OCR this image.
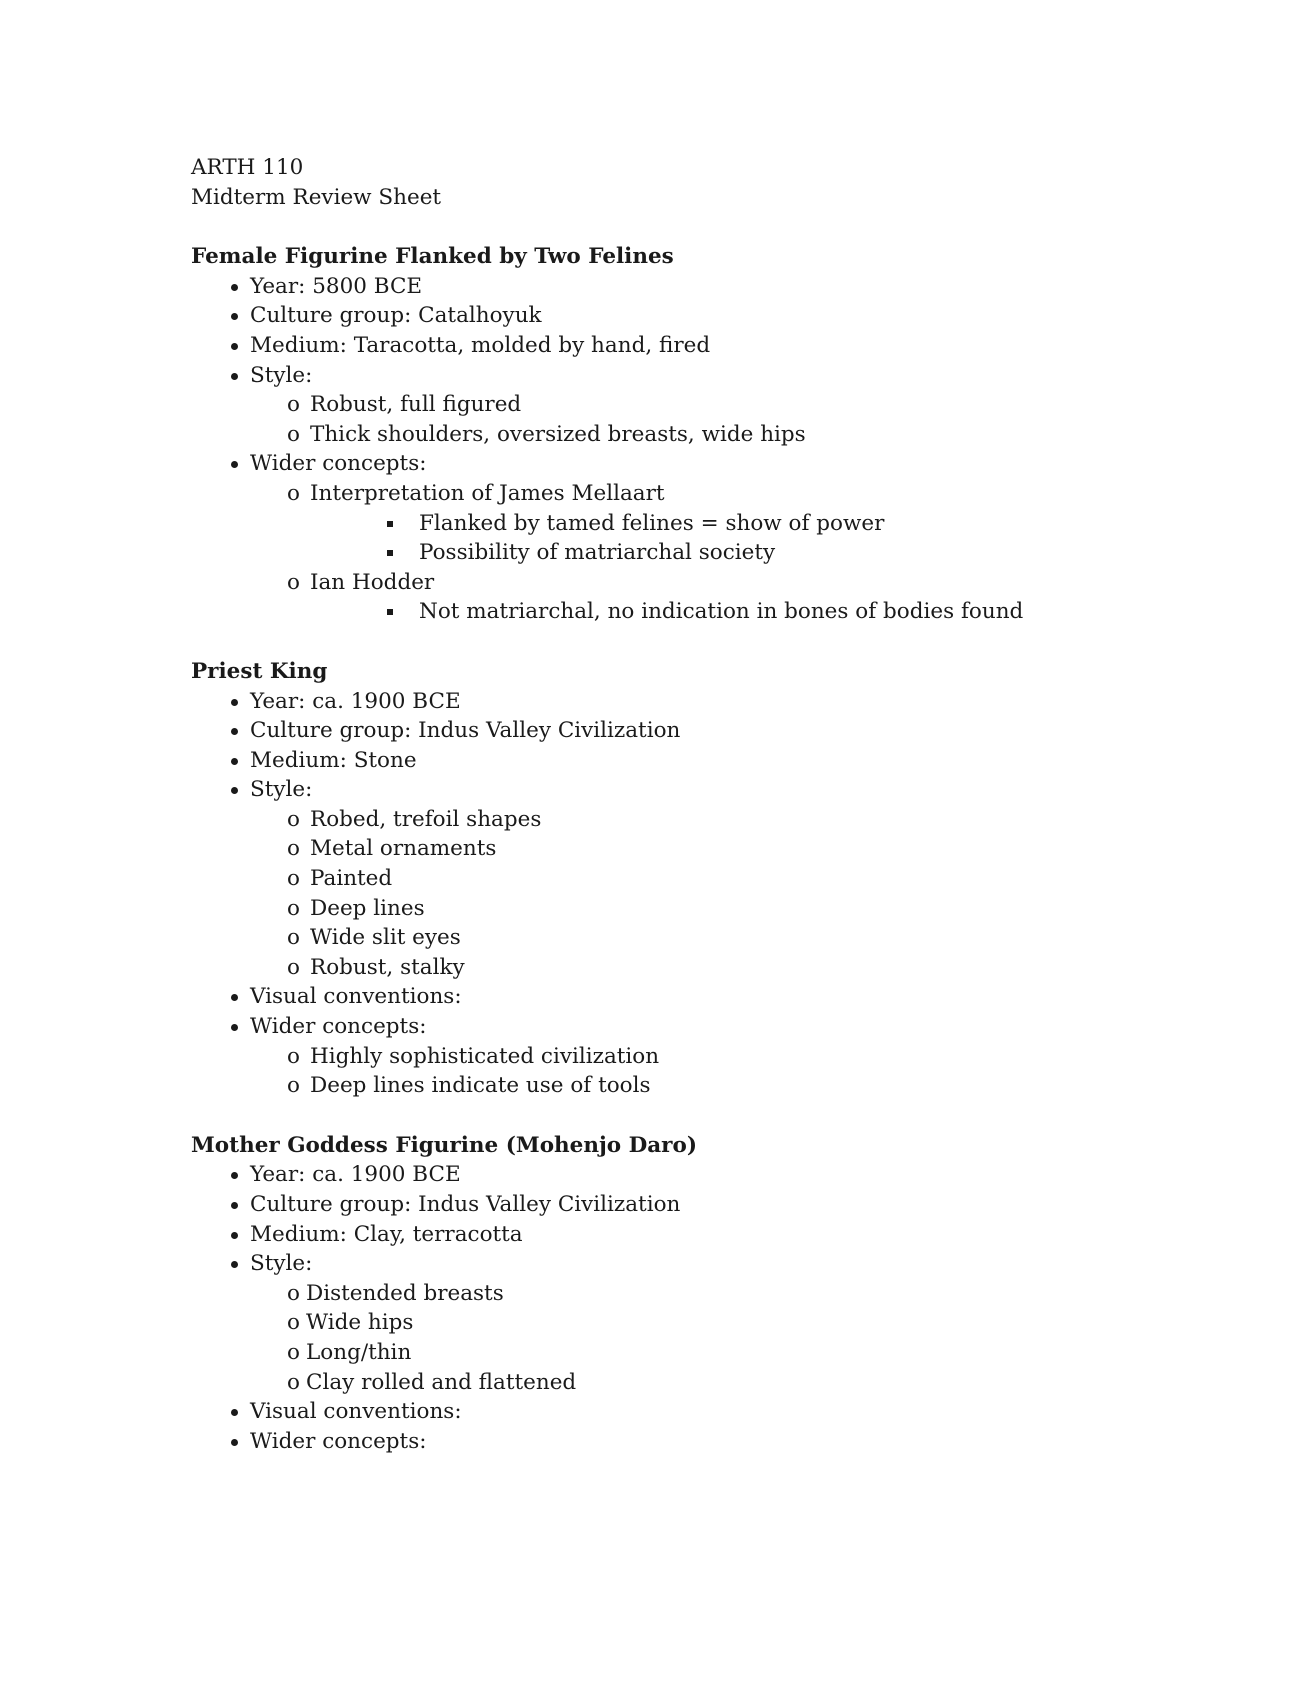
ARTH 110
Midterm Review Sheet
Female Figurine Flanked by Two Felines
Year: 5800 BCE
Culture group: Catalhoyuk
Medium: Taracotta, molded by hand, fired
Style:
o Robust, full figured
o Thick shoulders, oversized breasts, wide hips
Wider concepts:
o Interpretation of James Mellaart
Flanked by tamed felines = show of power
Possibility of matriarchal society
o Ian Hodder
Not matriarchal, no indication in bones of bodies found
Priest King
Year: ca. 1900 BCE
Culture group: Indus Valley Civilization
Medium: Stone
Style:
o Robed, trefoil shapes
o Metal ornaments
o Painted
o Deep lines
o Wide slit eyes
o Robust, stalky
Visual conventions:
Wider concepts:
o Highly sophisticated civilization
o Deep lines indicate use of tools
Mother Goddess Figurine (Mohenjo Daro)
Year: ca. 1900 BCE
Culture group: Indus Valley Civilization
Medium: Clay, terracotta
Style:
o Distended breasts
o Wide hips
o Long/thin
o Clay rolled and flattened
Visual conventions:
Wider concepts:
